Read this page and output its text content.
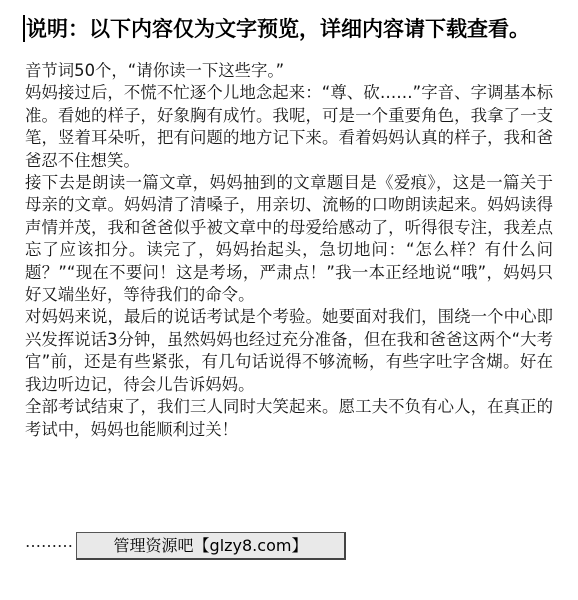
说明：以下内容仅为文字预览，详细内容请下载查看。

音节词50个，“请你读一下这些字。”

妈妈接过后，不慌不忙逐个儿地念起来：“尊、砍……”字音、字调基本标准。看她的样子，好象胸有成竹。我呢，可是一个重要角色，我拿了一支笔，竖着耳朵听，把有问题的地方记下来。看着妈妈认真的样子，我和爸爸忍不住想笑。

接下去是朗读一篇文章，妈妈抽到的文章题目是《爱痕》，这是一篇关于母亲的文章。妈妈清了清嗓子，用亲切、流畅的口吻朗读起来。妈妈读得声情并茂，我和爸爸似乎被文章中的母爱给感动了，听得很专注，我差点忘了应该扣分。读完了，妈妈抬起头，急切地问：“怎么样？有什么问题？”“现在不要问！这是考场，严肃点！”我一本正经地说“哦”，妈妈只好又端坐好，等待我们的命令。

对妈妈来说，最后的说话考试是个考验。她要面对我们，围绕一个中心即兴发挥说话3分钟，虽然妈妈也经过充分准备，但在我和爸爸这两个“大考官”前，还是有些紧张，有几句话说得不够流畅，有些字吐字含煳。好在我边听边记，待会儿告诉妈妈。

全部考试结束了，我们三人同时大笑起来。愿工夫不负有心人，在真正的考试中，妈妈也能顺利过关！

………	管理资源吧【glzy8.com】
